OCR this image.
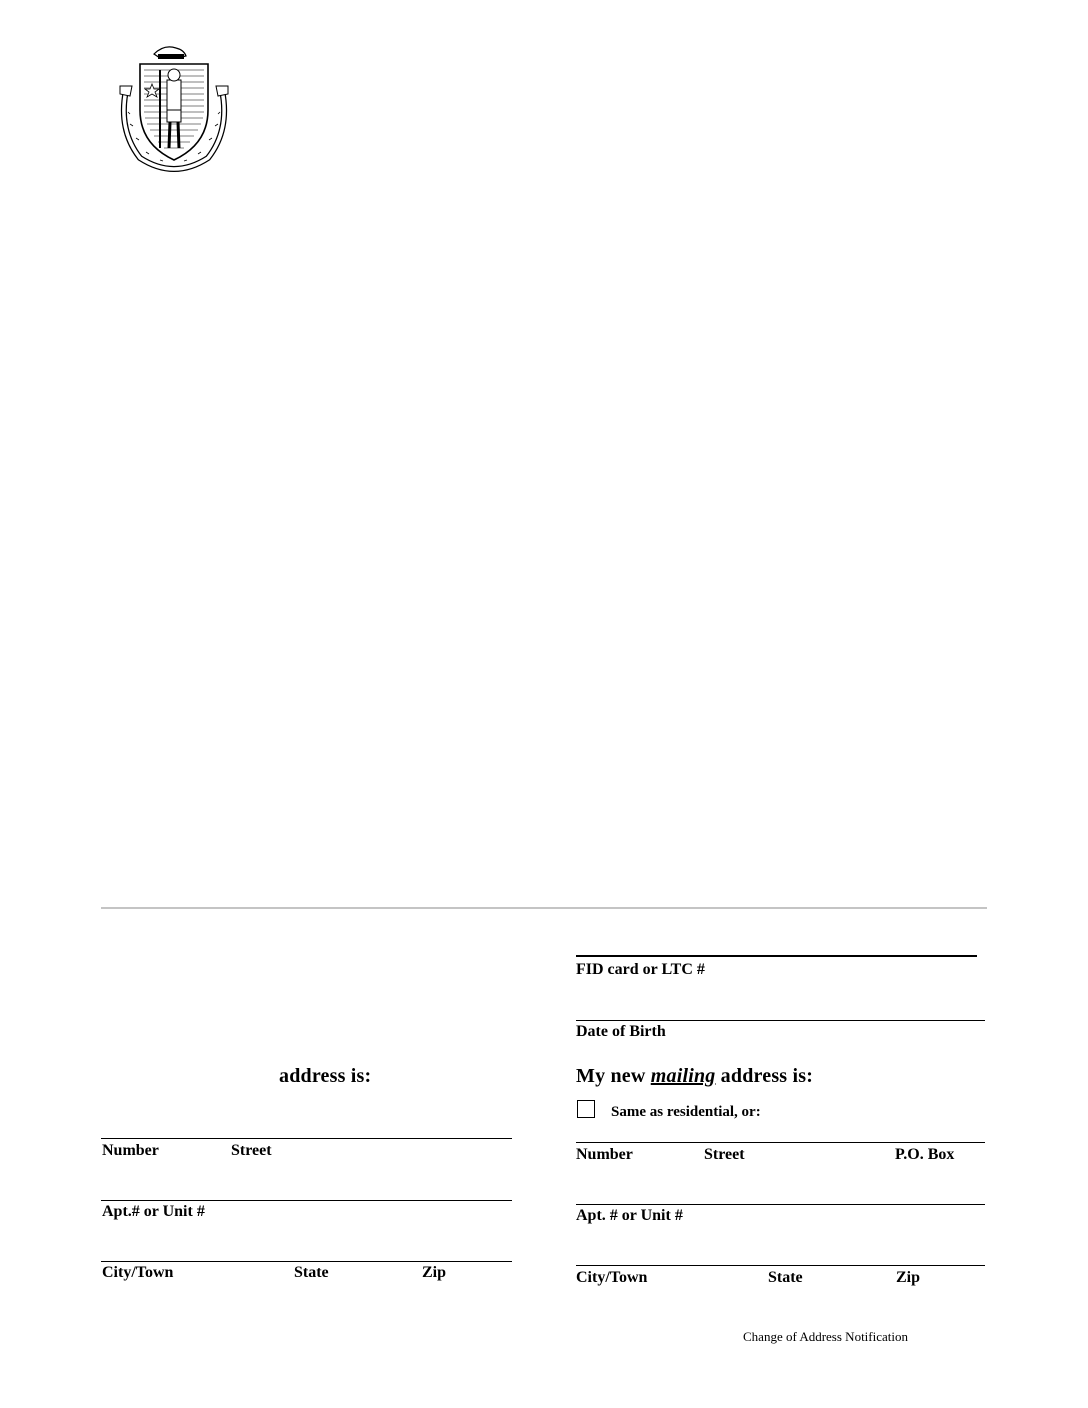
address is:
Number	Street
Apt.# or Unit #
City/Town	State	Zip
FID card or LTC #
Date of Birth
My new mailing address is:
Same as residential, or:
Number	Street	P.O. Box
Apt. # or Unit #
City/Town	State	Zip
Change of Address Notification
